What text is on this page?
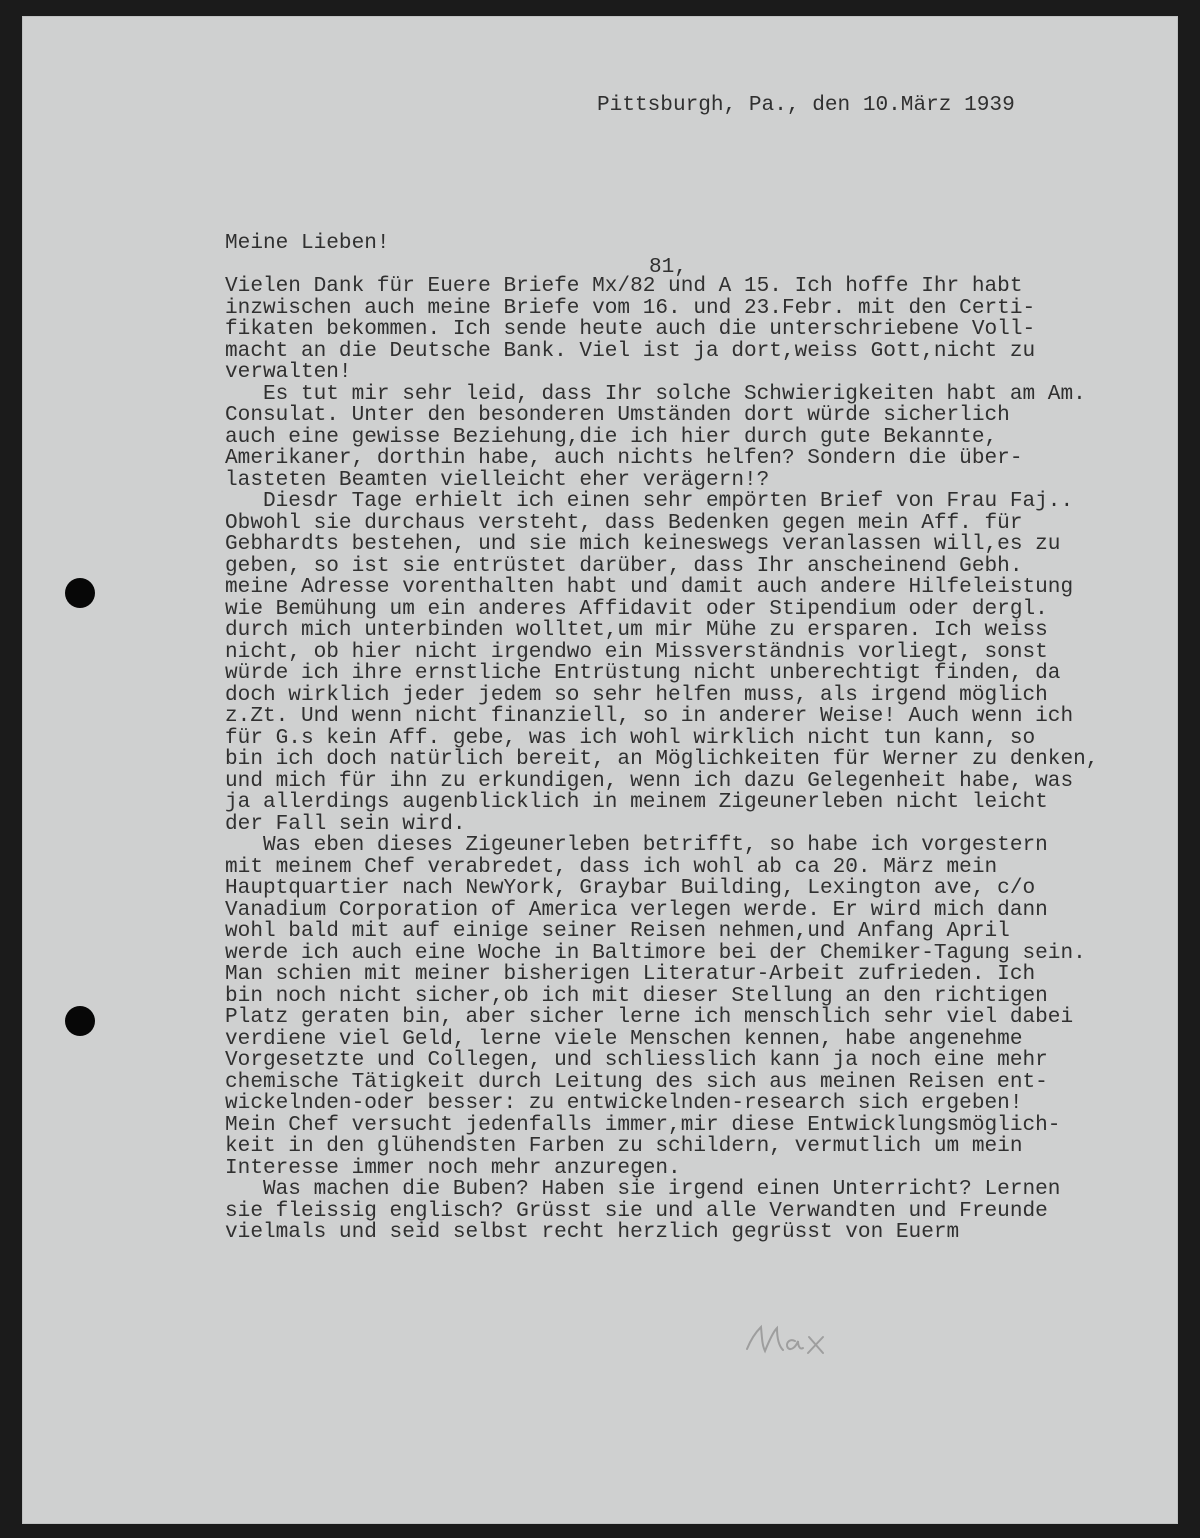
Pittsburgh, Pa., den 10.März 1939

Meine Lieben!

81,

Vielen Dank für Euere Briefe Mx/82 und A 15. Ich hoffe Ihr habt
inzwischen auch meine Briefe vom 16. und 23.Febr. mit den Certi-
fikaten bekommen. Ich sende heute auch die unterschriebene Voll-
macht an die Deutsche Bank. Viel ist ja dort,weiss Gott,nicht zu
verwalten!
Es tut mir sehr leid, dass Ihr solche Schwierigkeiten habt am Am.
Consulat. Unter den besonderen Umständen dort würde sicherlich
auch eine gewisse Beziehung,die ich hier durch gute Bekannte,
Amerikaner, dorthin habe, auch nichts helfen? Sondern die über-
lasteten Beamten vielleicht eher verägern!?
Diesdr Tage erhielt ich einen sehr empörten Brief von Frau Faj..
Obwohl sie durchaus versteht, dass Bedenken gegen mein Aff. für
Gebhardts bestehen, und sie mich keineswegs veranlassen will,es zu
geben, so ist sie entrüstet darüber, dass Ihr anscheinend Gebh.
meine Adresse vorenthalten habt und damit auch andere Hilfeleistung
wie Bemühung um ein anderes Affidavit oder Stipendium oder dergl.
durch mich unterbinden wolltet,um mir Mühe zu ersparen. Ich weiss
nicht, ob hier nicht irgendwo ein Missverständnis vorliegt, sonst
würde ich ihre ernstliche Entrüstung nicht unberechtigt finden, da
doch wirklich jeder jedem so sehr helfen muss, als irgend möglich
z.Zt. Und wenn nicht finanziell, so in anderer Weise! Auch wenn ich
für G.s kein Aff. gebe, was ich wohl wirklich nicht tun kann, so
bin ich doch natürlich bereit, an Möglichkeiten für Werner zu denken,
und mich für ihn zu erkundigen, wenn ich dazu Gelegenheit habe, was
ja allerdings augenblicklich in meinem Zigeunerleben nicht leicht
der Fall sein wird.
Was eben dieses Zigeunerleben betrifft, so habe ich vorgestern
mit meinem Chef verabredet, dass ich wohl ab ca 20. März mein
Hauptquartier nach NewYork, Graybar Building, Lexington ave, c/o
Vanadium Corporation of America verlegen werde. Er wird mich dann
wohl bald mit auf einige seiner Reisen nehmen,und Anfang April
werde ich auch eine Woche in Baltimore bei der Chemiker-Tagung sein.
Man schien mit meiner bisherigen Literatur-Arbeit zufrieden. Ich
bin noch nicht sicher,ob ich mit dieser Stellung an den richtigen
Platz geraten bin, aber sicher lerne ich menschlich sehr viel dabei
verdiene viel Geld, lerne viele Menschen kennen, habe angenehme
Vorgesetzte und Collegen, und schliesslich kann ja noch eine mehr
chemische Tätigkeit durch Leitung des sich aus meinen Reisen ent-
wickelnden-oder besser: zu entwickelnden-research sich ergeben!
Mein Chef versucht jedenfalls immer,mir diese Entwicklungsmöglich-
keit in den glühendsten Farben zu schildern, vermutlich um mein
Interesse immer noch mehr anzuregen.
Was machen die Buben? Haben sie irgend einen Unterricht? Lernen
sie fleissig englisch? Grüsst sie und alle Verwandten und Freunde
vielmals und seid selbst recht herzlich gegrüsst von Euerm
